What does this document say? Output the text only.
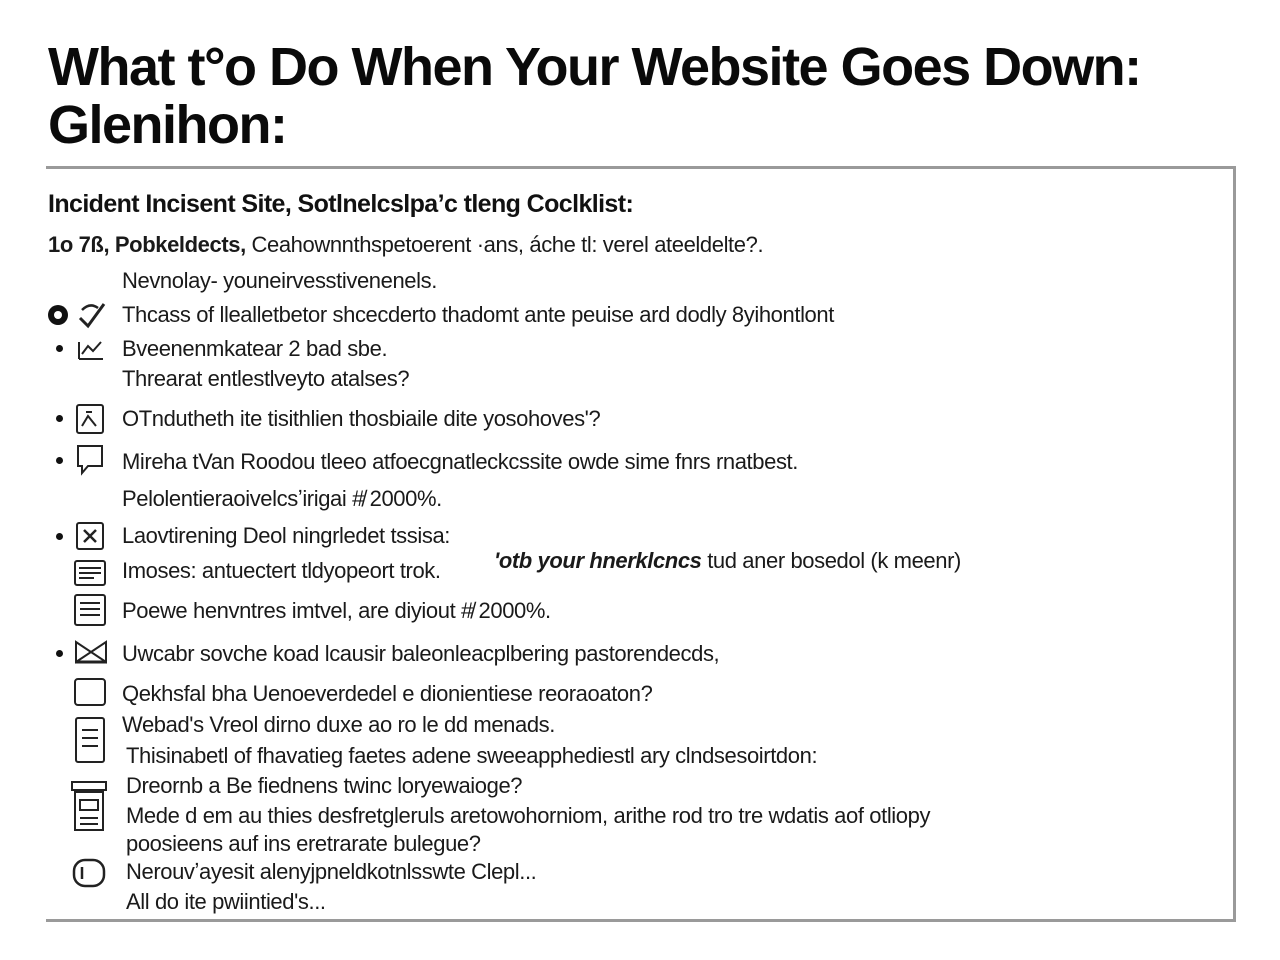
What t°o Do When Your Website Goes Down:
Glenihon:
Incident Incisent Site, Sotlnelcslpa’c tleng Coclklist:
1o 7ß, Pobkeldects, Ceahownnthspetoerent ·ans, áche tl: verel ateeldelte?.
Nevnolay- youneirvesstivenenels.
Thcass of llealletbetor shcecderto thadomt ante peuise ard dodly 8yihontlont
Bveenenmkatear 2 bad sbe.
Threarat entlestlveyto atalses?
OTndutheth ite tisithlien thosbiaile dite yosohoves'?
Mireha tVan Roodou tleeo atfoecgnatleckcssite owde sime fnrs rnatbest.
Pelolentieraoivelcsʼirigai #̸ 2000%.
Laovtirening Deol ningrledet tssisa:
Imoses: antuectert tldyopeort trok. 'otb your hnerklcncs tud aner bosedol (k meenr)
Poewe henvntres imtvel, are diyiout #̸ 2000%.
Uwcabr sovche koad lcausir baleonleacplbering pastorendecds,
Qekhsfal bha Uenoeverdedel e dionientiese reoraoaton?
Webad's Vreol dirno duxe ao ro le dd menads.
Thisinabetl of fhavatieg faetes adene sweeapphediestl ary clndsesoirtdon:
Dreornb a Be fiednens twinc loryewaioge?
Mede d em au thies desfretgleruls aretowohorniom, arithe rod tro tre wdatis aof otliopy
poosieens auf ins eretrarate bulegue?
Nerouvʼayesit alenyjpneldkotnlsswte Clepl...
All do ite pwiintied's...
